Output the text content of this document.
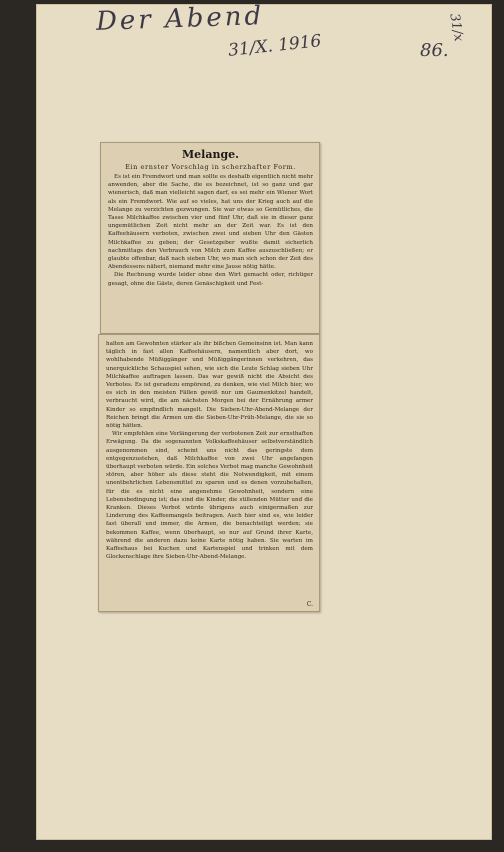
Der Abend
31/X. 1916
31/x
86.

Melange.

Ein ernster Vorschlag in scherzhafter Form.

Es ist ein Fremdwort und man sollte es deshalb eigentlich nicht mehr anwenden, aber die Sache, die es bezeichnet, ist so ganz und gar wienerisch, daß man vielleicht sagen darf, es sei mehr ein Wiener Wort als ein Fremdwort. Wie auf so vieles, hat uns der Krieg auch auf die Melange zu verzichten gezwungen. Sie war etwas so Gemütliches, die Tasse Milchkaffee zwischen vier und fünf Uhr, daß sie in dieser ganz ungemütlichen Zeit nicht mehr an der Zeit war. Es ist den Kaffeehäusern verboten, zwischen zwei und sieben Uhr den Gästen Milchkaffee zu geben; der Gesetzgeber wußte damit sicherlich nachmittags den Verbrauch von Milch zum Kaffee auszuschließen; er glaubte offenbar, daß nach sieben Uhr, wo man sich schon der Zeit des Abendessens nähert, niemand mehr eine Jause nötig hätte.

Die Rechnung wurde leider ohne den Wirt gemacht oder, richtiger gesagt, ohne die Gäste, deren Genäschigkeit und Fest-

halten am Gewohnten stärker als ihr bißchen Gemeinsinn ist. Man kann täglich in fast allen Kaffeehäusern, namentlich aber dort, wo wohlhabende Müßiggänger und Müßiggängerinnen verkehren, das unerquickliche Schauspiel sehen, wie sich die Leute Schlag sieben Uhr Milchkaffee auftragen lassen. Das war gewiß nicht die Absicht des Verbotes. Es ist geradezu empörend, zu denken, wie viel Milch hier, wo es sich in den meisten Fällen gewiß nur um Gaumenkitzel handelt, verbraucht wird, die am nächsten Morgen bei der Ernährung armer Kinder so empfindlich mangelt. Die Sieben-Uhr-Abend-Melange der Reichen bringt die Armen um die Sieben-Uhr-Früh-Melange, die sie so nötig hätten.

Wir empfehlen eine Verlängerung der verbotenen Zeit zur ernsthaften Erwägung. Da die sogenannten Volkskaffeehäuser selbstverständlich ausgenommen sind, scheint uns nicht das geringste dem entgegenzustehen, daß Milchkaffee von zwei Uhr angefangen überhaupt verboten würde. Ein solches Verbot mag manche Gewohnheit stören, aber höher als diese steht die Notwendigkeit, mit einem unentbehrlichen Lebensmittel zu sparen und es denen vorzubehalten, für die es nicht eine angenehme Gewohnheit, sondern eine Lebensbedingung ist; das sind die Kinder, die stillenden Mütter und die Kranken. Dieses Verbot würde übrigens auch einigermaßen zur Linderung des Kaffeemangels beitragen. Auch hier sind es, wie leider fast überall und immer, die Armen, die benachteiligt werden; sie bekommen Kaffee, wenn überhaupt, so nur auf Grund ihrer Karte, während die anderen dazu keine Karte nötig haben. Sie warten im Kaffeehaus bei Kuchen und Kartenspiel und trinken mit dem Glockenschlage ihre Sieben-Uhr-Abend-Melange.

C.
